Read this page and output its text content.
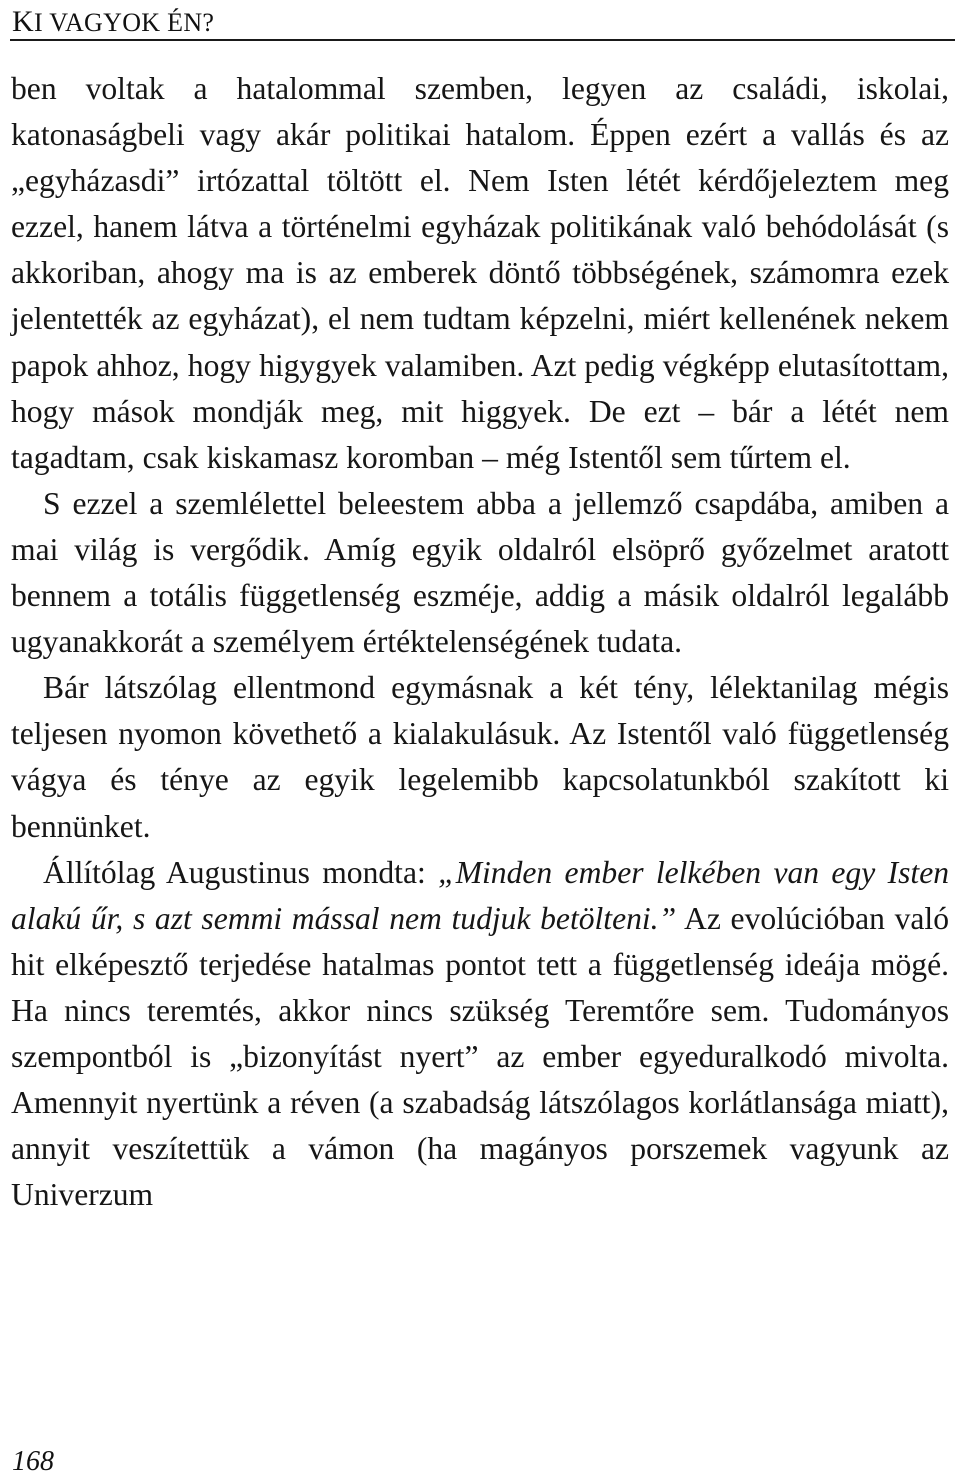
KI VAGYOK ÉN?

ben voltak a hatalommal szemben, legyen az családi, iskolai, katonaságbeli vagy akár politikai hatalom. Éppen ezért a vallás és az „egyházasdi” irtózattal töltött el. Nem Isten létét kérdőjeleztem meg ezzel, hanem látva a történelmi egyházak politikának való behódolását (s akkoriban, ahogy ma is az emberek döntő többségének, számomra ezek jelentették az egyházat), el nem tudtam képzelni, miért kellenének nekem papok ahhoz, hogy higygyek valamiben. Azt pedig végképp elutasítottam, hogy mások mondják meg, mit higgyek. De ezt – bár a létét nem tagadtam, csak kiskamasz koromban – még Istentől sem tűrtem el.

S ezzel a szemlélettel beleestem abba a jellemző csapdába, amiben a mai világ is vergődik. Amíg egyik oldalról elsöprő győzelmet aratott bennem a totális függetlenség eszméje, addig a másik oldalról legalább ugyanakkorát a személyem értéktelenségének tudata.

Bár látszólag ellentmond egymásnak a két tény, lélektanilag mégis teljesen nyomon követhető a kialakulásuk. Az Istentől való függetlenség vágya és ténye az egyik legelemibb kapcsolatunkból szakított ki bennünket.

Állítólag Augustinus mondta: „Minden ember lelkében van egy Isten alakú űr, s azt semmi mással nem tudjuk betölteni.” Az evolúcióban való hit elképesztő terjedése hatalmas pontot tett a függetlenség ideája mögé. Ha nincs teremtés, akkor nincs szükség Teremtőre sem. Tudományos szempontból is „bizonyítást nyert” az ember egyeduralkodó mivolta. Amennyit nyertünk a réven (a szabadság látszólagos korlátlansága miatt), annyit veszítettük a vámon (ha magányos porszemek vagyunk az Univerzum

168
